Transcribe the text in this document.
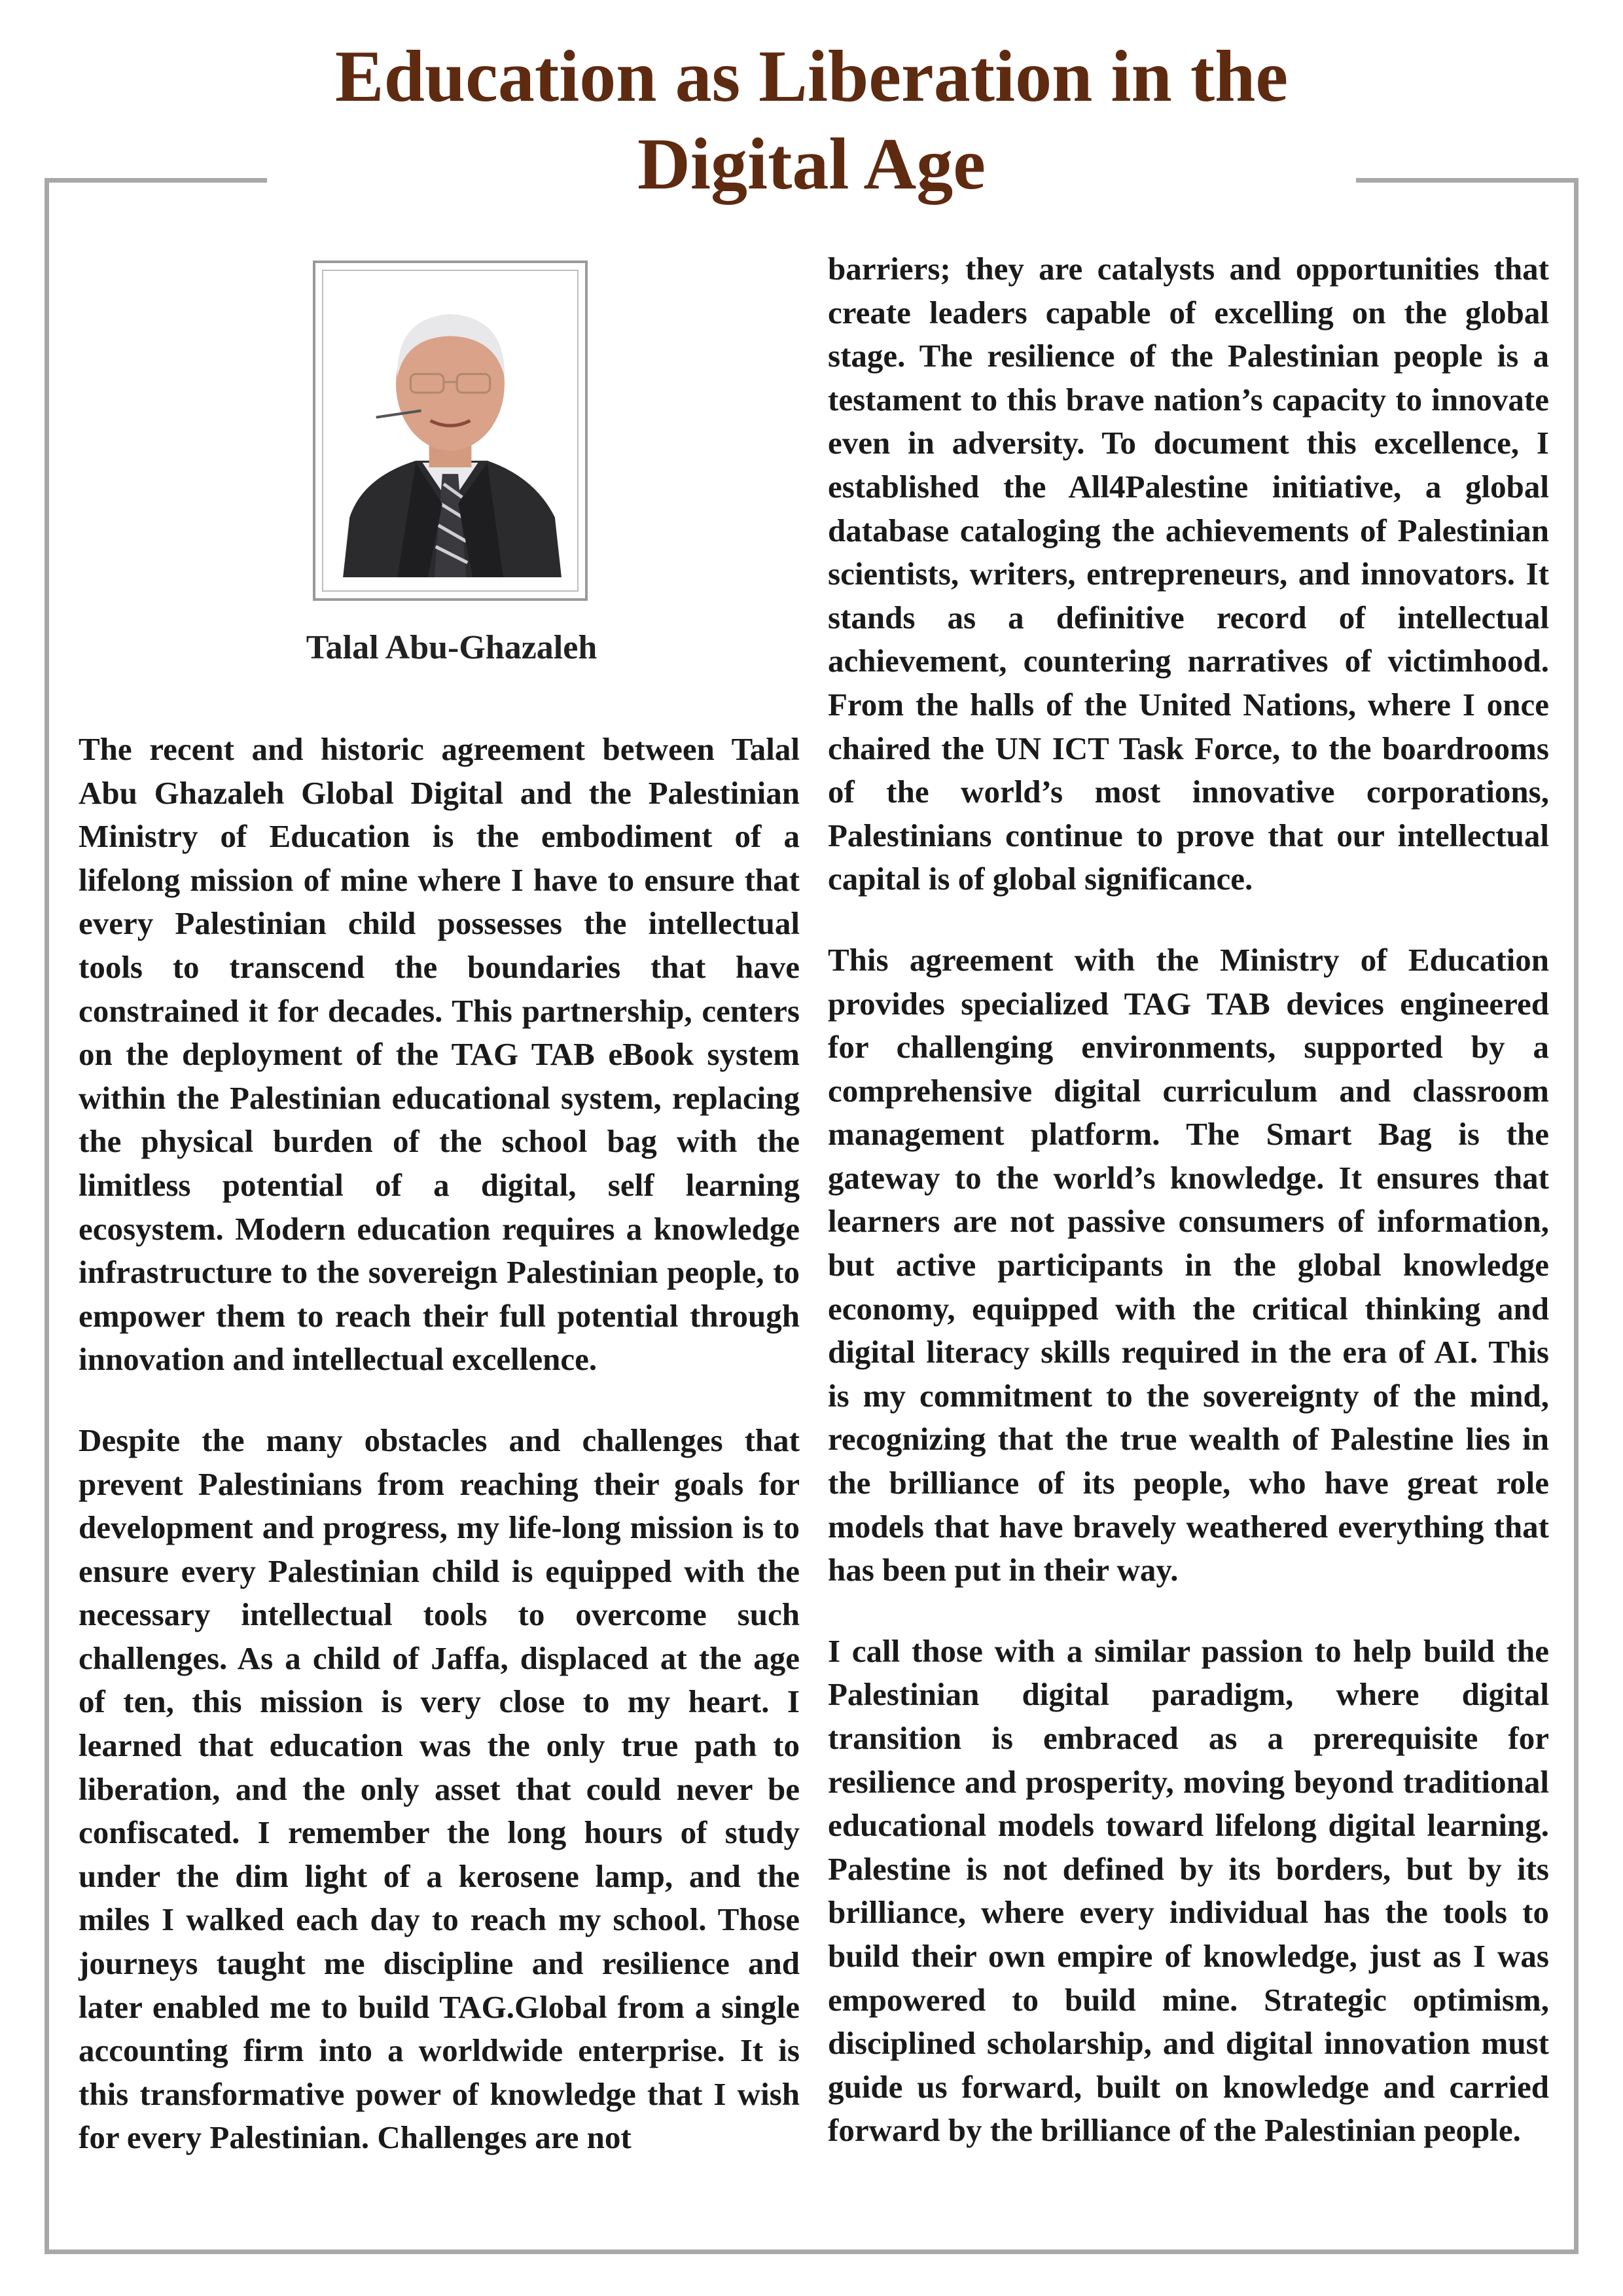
Education as Liberation in the
Digital Age
Talal Abu-Ghazaleh

The recent and historic agreement between Talal Abu Ghazaleh Global Digital and the Palestinian Ministry of Education is the embodiment of a lifelong mission of mine where I have to ensure that every Palestinian child possesses the intellectual tools to transcend the boundaries that have constrained it for decades. This partnership, centers on the deployment of the TAG TAB eBook system within the Palestinian educational system, replacing the physical burden of the school bag with the limitless potential of a digital, self learning ecosystem. Modern education requires a knowledge infrastructure to the sovereign Palestinian people, to empower them to reach their full potential through innovation and intellectual excellence.

Despite the many obstacles and challenges that prevent Palestinians from reaching their goals for development and progress, my life-long mission is to ensure every Palestinian child is equipped with the necessary intellectual tools to overcome such challenges. As a child of Jaffa, displaced at the age of ten, this mission is very close to my heart. I learned that education was the only true path to liberation, and the only asset that could never be confiscated. I remember the long hours of study under the dim light of a kerosene lamp, and the miles I walked each day to reach my school. Those journeys taught me discipline and resilience and later enabled me to build TAG.Global from a single accounting firm into a worldwide enterprise. It is this transformative power of knowledge that I wish for every Palestinian. Challenges are not

barriers; they are catalysts and opportunities that create leaders capable of excelling on the global stage. The resilience of the Palestinian people is a testament to this brave nation’s capacity to innovate even in adversity. To document this excellence, I established the All4Palestine initiative, a global database cataloging the achievements of Palestinian scientists, writers, entrepreneurs, and innovators. It stands as a definitive record of intellectual achievement, countering narratives of victimhood. From the halls of the United Nations, where I once chaired the UN ICT Task Force, to the boardrooms of the world’s most innovative corporations, Palestinians continue to prove that our intellectual capital is of global significance.

This agreement with the Ministry of Education provides specialized TAG TAB devices engineered for challenging environments, supported by a comprehensive digital curriculum and classroom management platform. The Smart Bag is the gateway to the world’s knowledge. It ensures that learners are not passive consumers of information, but active participants in the global knowledge economy, equipped with the critical thinking and digital literacy skills required in the era of AI. This is my commitment to the sovereignty of the mind, recognizing that the true wealth of Palestine lies in the brilliance of its people, who have great role models that have bravely weathered everything that has been put in their way.

I call those with a similar passion to help build the Palestinian digital paradigm, where digital transition is embraced as a prerequisite for resilience and prosperity, moving beyond traditional educational models toward lifelong digital learning. Palestine is not defined by its borders, but by its brilliance, where every individual has the tools to build their own empire of knowledge, just as I was empowered to build mine. Strategic optimism, disciplined scholarship, and digital innovation must guide us forward, built on knowledge and carried forward by the brilliance of the Palestinian people.
